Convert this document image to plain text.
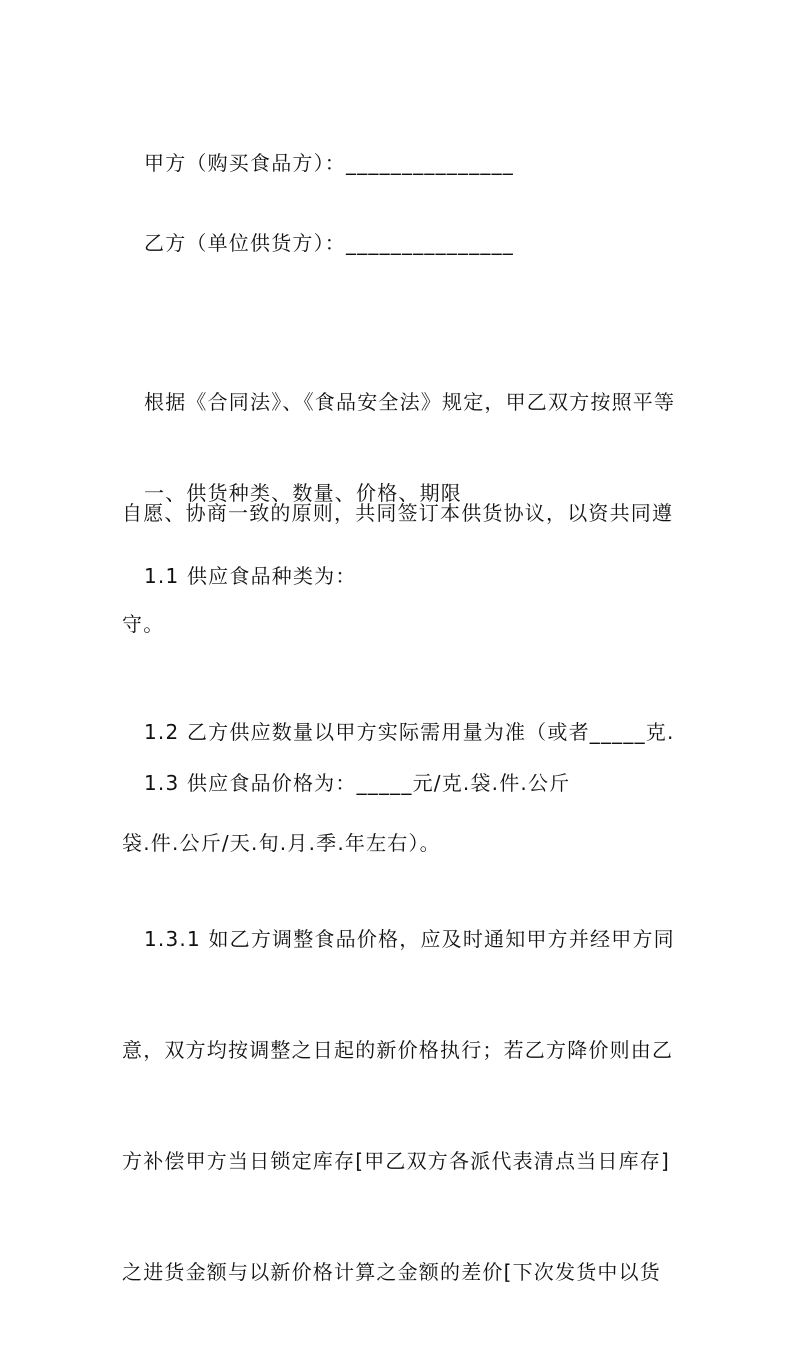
甲方（购买食品方）：_______________
乙方（单位供货方）：_______________

根据《合同法》、《食品安全法》规定，甲乙双方按照平等

自愿、协商一致的原则，共同签订本供货协议，以资共同遵

守。

一、供货种类、数量、价格、期限
1.1 供应食品种类为：

1.2 乙方供应数量以甲方实际需用量为准（或者_____克.

袋.件.公斤/天.旬.月.季.年左右）。

1.3 供应食品价格为：_____元/克.袋.件.公斤

1.3.1 如乙方调整食品价格，应及时通知甲方并经甲方同

意，双方均按调整之日起的新价格执行；若乙方降价则由乙

方补偿甲方当日锁定库存[甲乙双方各派代表清点当日库存]

之进货金额与以新价格计算之金额的差价[下次发货中以货
